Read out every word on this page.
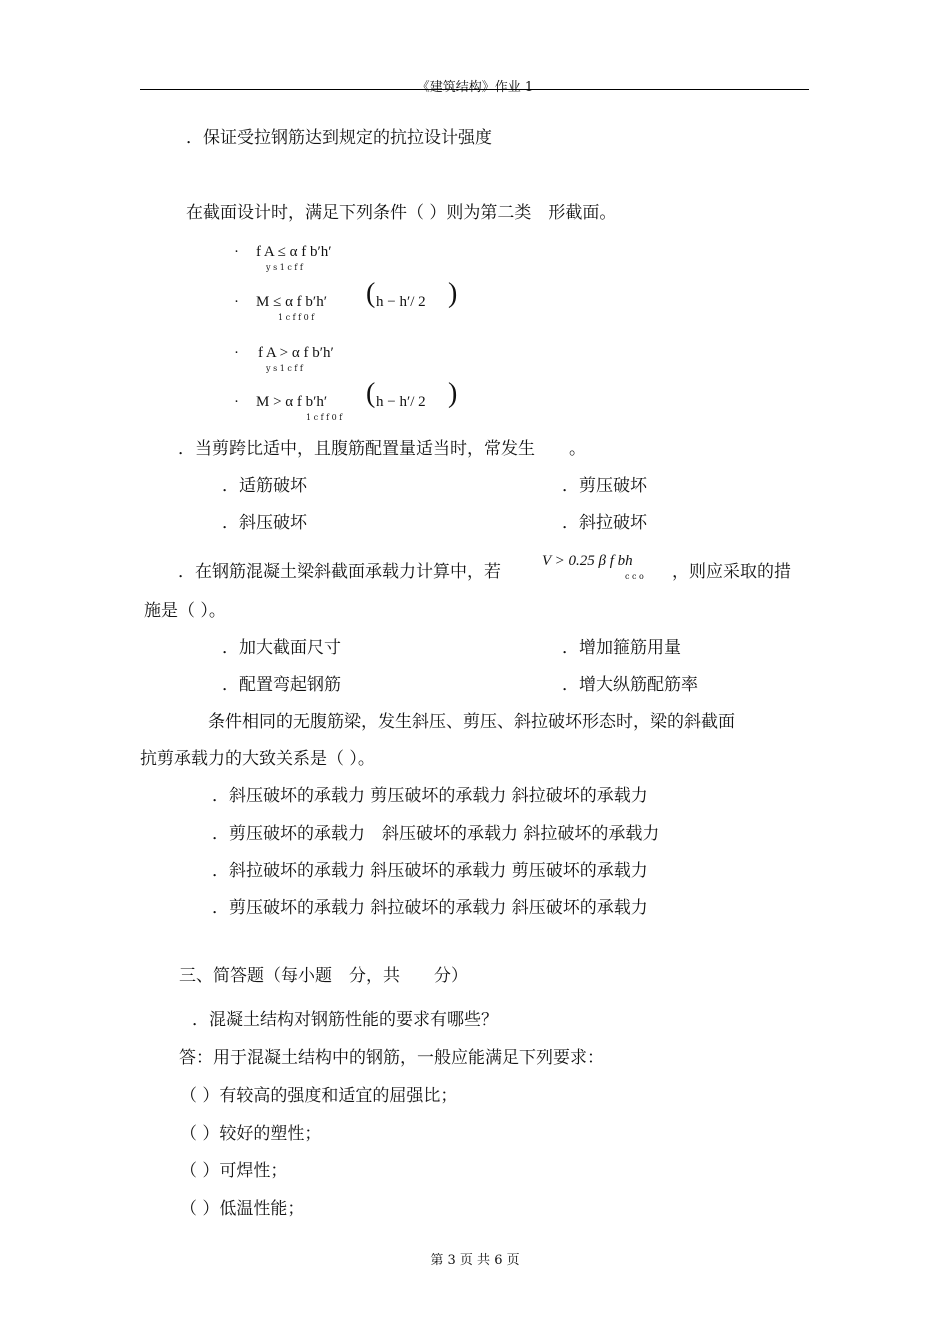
《建筑结构》作业 1
．保证受拉钢筋达到规定的抗拉设计强度
在截面设计时，满足下列条件（ ）则为第二类　形截面。
· f A ≤ α f b′h′
y s 1 c f f
· M ≤ α f b′h′ ( h − h′/ 2 )
1 c f f 0 f
· f A > α f b′h′
y s 1 c f f
· M > α f b′h′ ( h − h′/ 2 )
1 c f f 0 f
．当剪跨比适中，且腹筋配置量适当时，常发生　　。
．适筋破坏	．剪压破坏
．斜压破坏	．斜拉破坏
．在钢筋混凝土梁斜截面承载力计算中，若
V > 0.25 β f bh
c c o ，则应采取的措
施是（ ）。
．加大截面尺寸	．增加箍筋用量
．配置弯起钢筋	．增大纵筋配筋率
条件相同的无腹筋梁，发生斜压、剪压、斜拉破坏形态时，梁的斜截面
抗剪承载力的大致关系是（ ）。
．斜压破坏的承载力 剪压破坏的承载力 斜拉破坏的承载力
．剪压破坏的承载力　斜压破坏的承载力 斜拉破坏的承载力
．斜拉破坏的承载力 斜压破坏的承载力 剪压破坏的承载力
．剪压破坏的承载力 斜拉破坏的承载力 斜压破坏的承载力
三、简答题（每小题　分，共　　分）
．混凝土结构对钢筋性能的要求有哪些？
答：用于混凝土结构中的钢筋，一般应能满足下列要求：
（ ）有较高的强度和适宜的屈强比；
（ ）较好的塑性；
（ ）可焊性；
（ ）低温性能；
第 3 页 共 6 页
